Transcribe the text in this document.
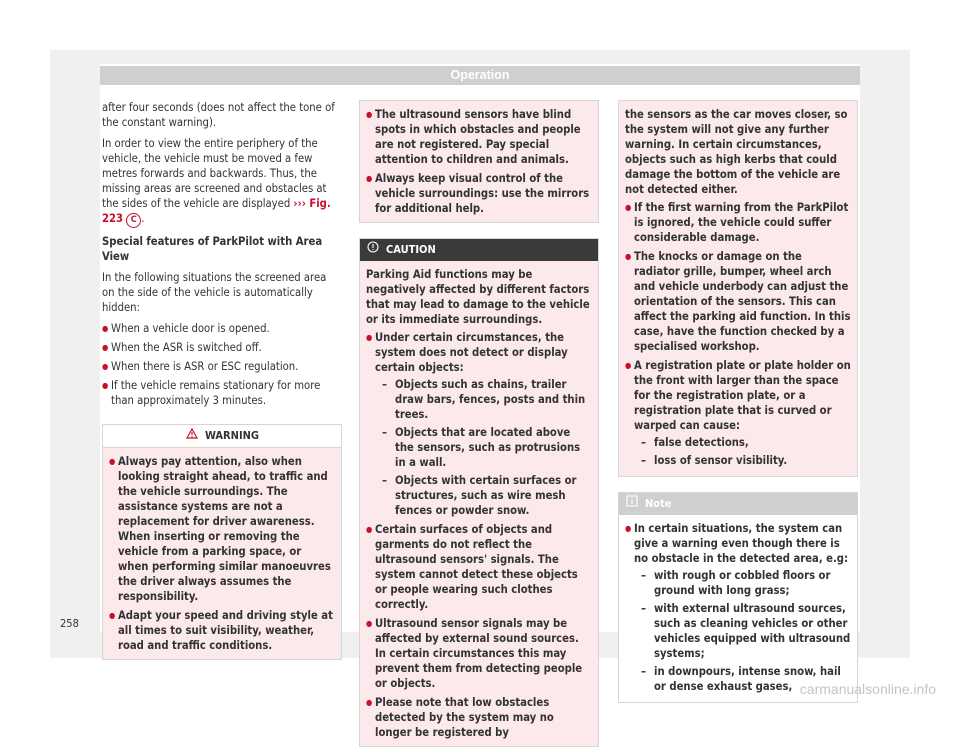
Operation

after four seconds (does not affect the tone of the constant warning).

In order to view the entire periphery of the vehicle, the vehicle must be moved a few metres forwards and backwards. Thus, the missing areas are screened and obstacles at the sides of the vehicle are displayed ››› Fig. 223 C .

Special features of ParkPilot with Area View

In the following situations the screened area on the side of the vehicle is automatically hidden:

● When a vehicle door is opened.
● When the ASR is switched off.
● When there is ASR or ESC regulation.
● If the vehicle remains stationary for more than approximately 3 minutes.
WARNING
● Always pay attention, also when looking straight ahead, to traffic and the vehicle surroundings. The assistance systems are not a replacement for driver awareness. When inserting or removing the vehicle from a parking space, or when performing similar manoeuvres the driver always assumes the responsibility.
● Adapt your speed and driving style at all times to suit visibility, weather, road and traffic conditions.
● The ultrasound sensors have blind spots in which obstacles and people are not registered. Pay special attention to children and animals.
● Always keep visual control of the vehicle surroundings: use the mirrors for additional help.
CAUTION

Parking Aid functions may be negatively affected by different factors that may lead to damage to the vehicle or its immediate surroundings.

● Under certain circumstances, the system does not detect or display certain objects:
– Objects such as chains, trailer draw bars, fences, posts and thin trees.
– Objects that are located above the sensors, such as protrusions in a wall.
– Objects with certain surfaces or structures, such as wire mesh fences or powder snow.
● Certain surfaces of objects and garments do not reflect the ultrasound sensors' signals. The system cannot detect these objects or people wearing such clothes correctly.
● Ultrasound sensor signals may be affected by external sound sources. In certain circumstances this may prevent them from detecting people or objects.
● Please note that low obstacles detected by the system may no longer be registered by

the sensors as the car moves closer, so the system will not give any further warning. In certain circumstances, objects such as high kerbs that could damage the bottom of the vehicle are not detected either.

● If the first warning from the ParkPilot is ignored, the vehicle could suffer considerable damage.
● The knocks or damage on the radiator grille, bumper, wheel arch and vehicle underbody can adjust the orientation of the sensors. This can affect the parking aid function. In this case, have the function checked by a specialised workshop.
● A registration plate or plate holder on the front with larger than the space for the registration plate, or a registration plate that is curved or warped can cause:
– false detections,
– loss of sensor visibility.
Note
● In certain situations, the system can give a warning even though there is no obstacle in the detected area, e.g:
– with rough or cobbled floors or ground with long grass;
– with external ultrasound sources, such as cleaning vehicles or other vehicles equipped with ultrasound systems;
– in downpours, intense snow, hail or dense exhaust gases,
258
carmanualsonline.info
